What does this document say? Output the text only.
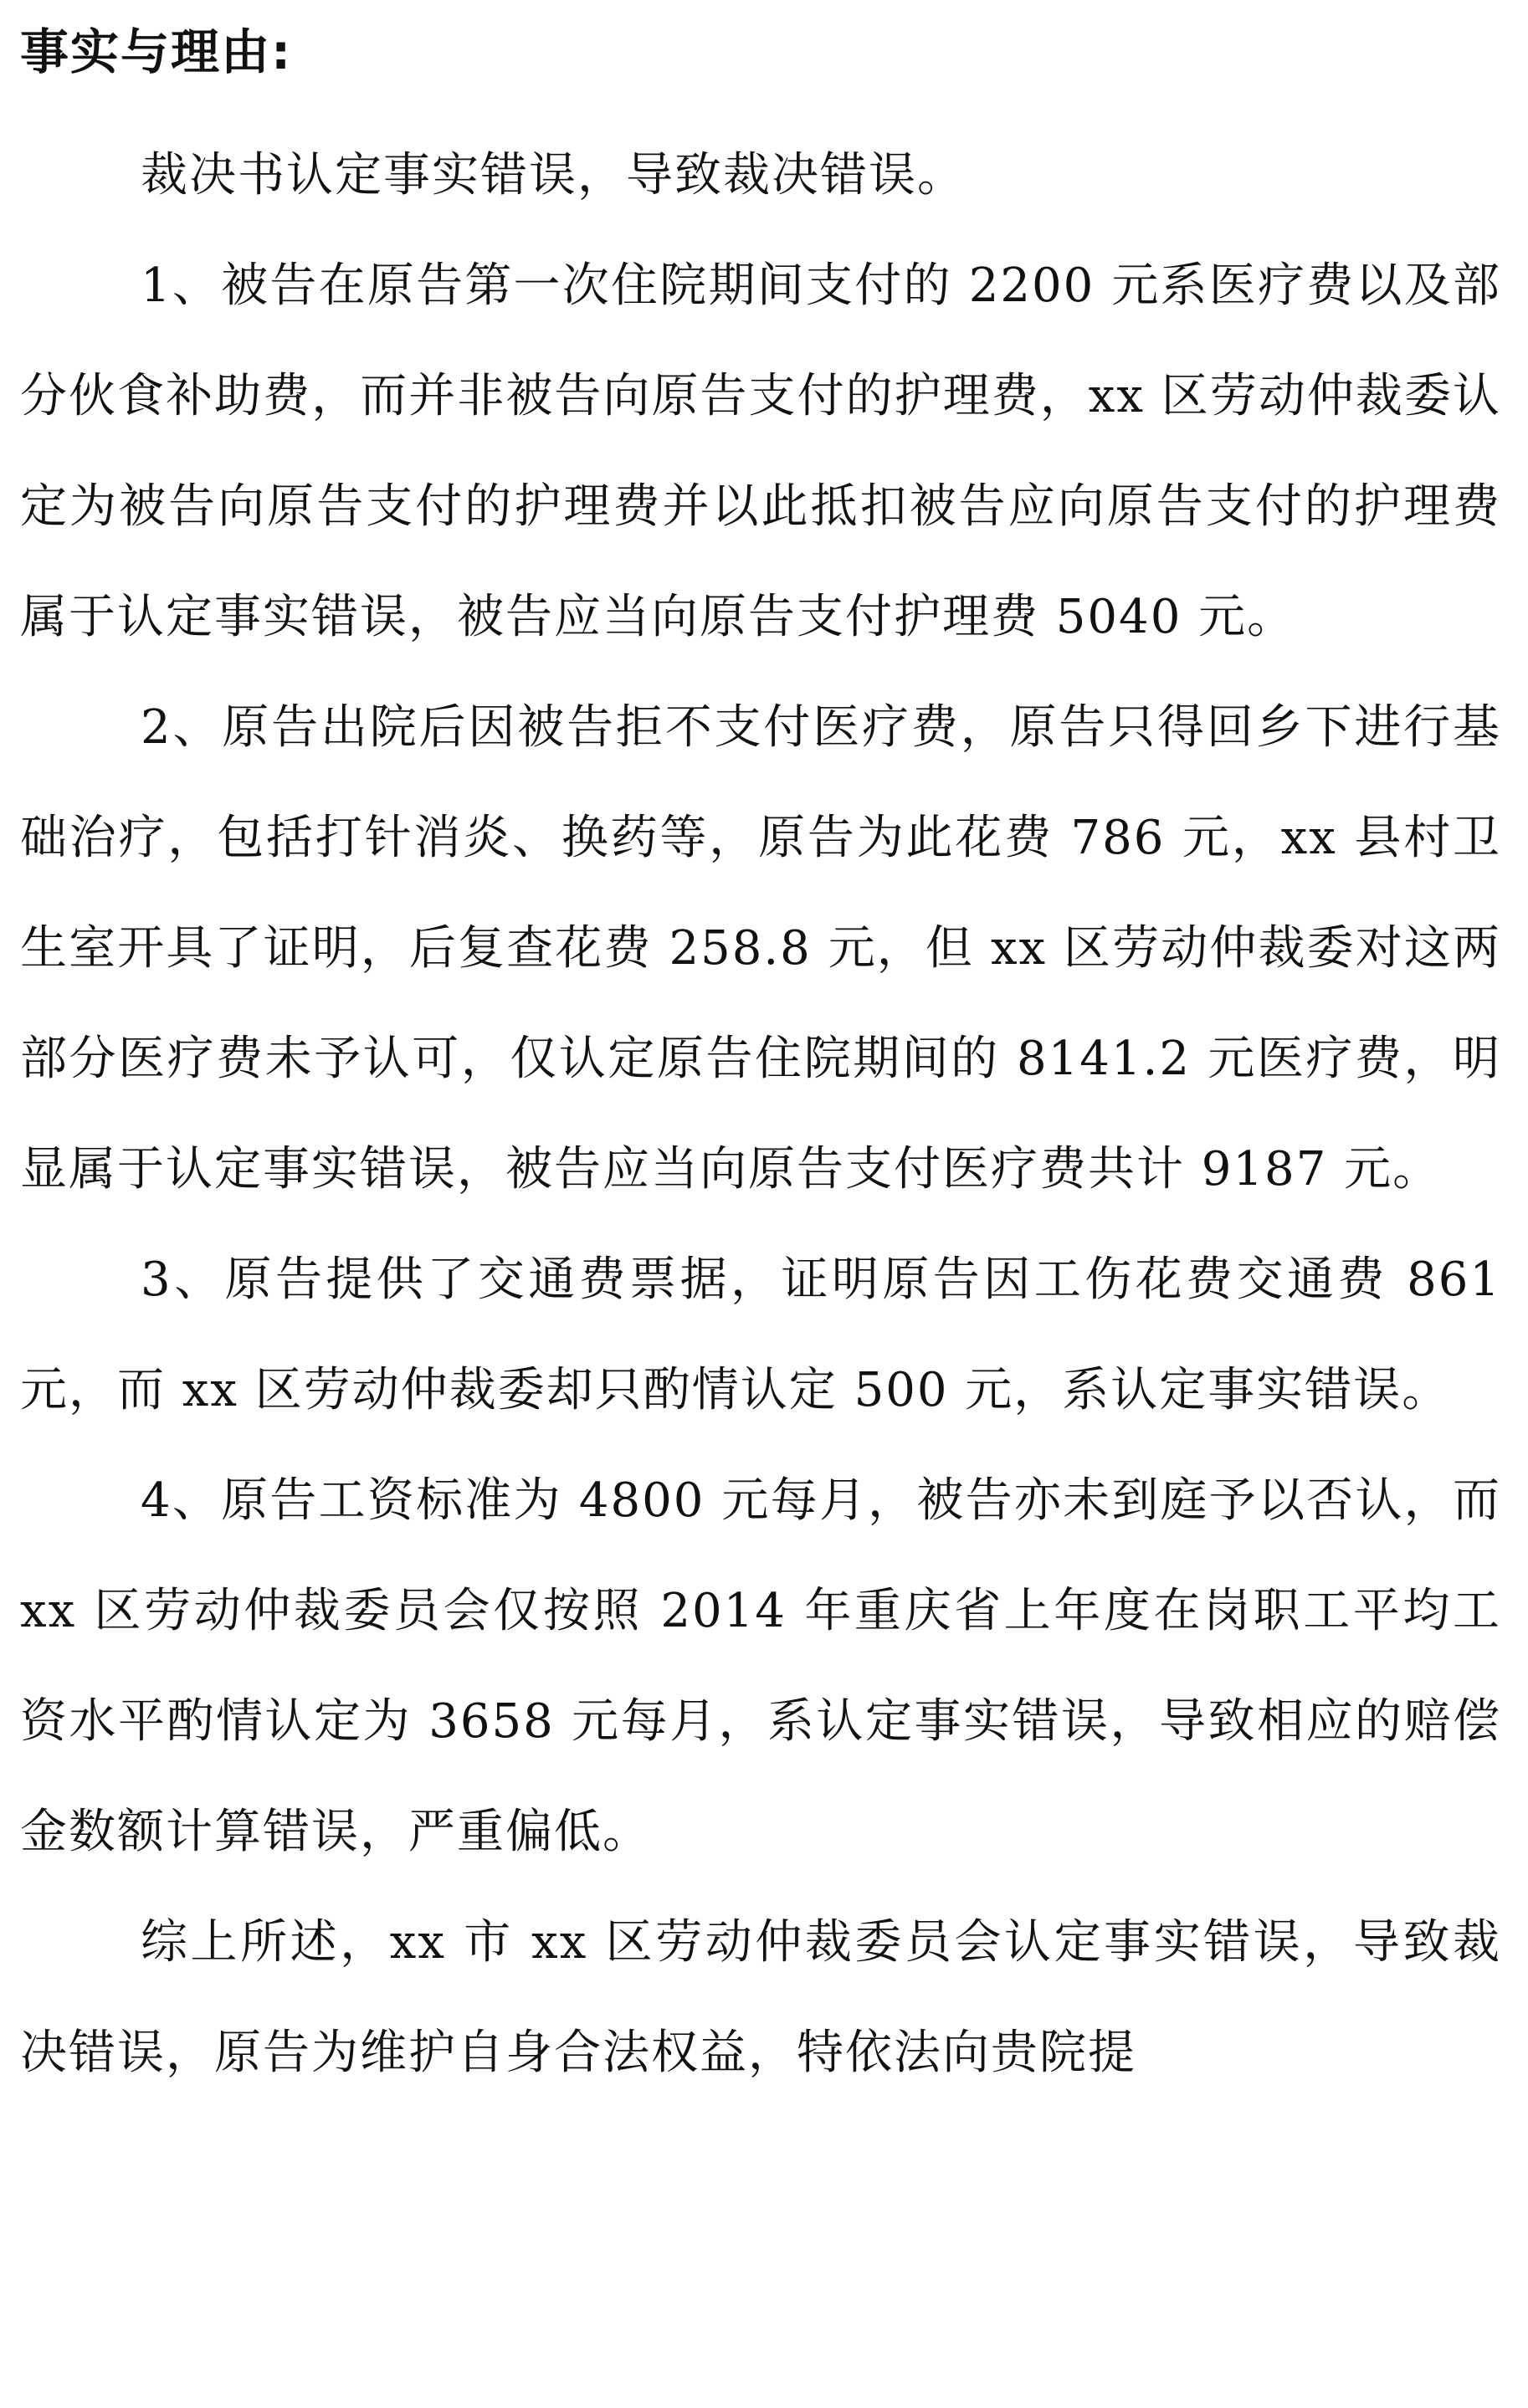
事实与理由:

裁决书认定事实错误，导致裁决错误。

1、被告在原告第一次住院期间支付的 2200 元系医疗费以及部分伙食补助费，而并非被告向原告支付的护理费，xx 区劳动仲裁委认定为被告向原告支付的护理费并以此抵扣被告应向原告支付的护理费属于认定事实错误，被告应当向原告支付护理费 5040 元。

2、原告出院后因被告拒不支付医疗费，原告只得回乡下进行基础治疗，包括打针消炎、换药等，原告为此花费 786 元，xx 县村卫生室开具了证明，后复查花费 258.8 元，但 xx 区劳动仲裁委对这两部分医疗费未予认可，仅认定原告住院期间的 8141.2 元医疗费，明显属于认定事实错误，被告应当向原告支付医疗费共计 9187 元。

3、原告提供了交通费票据，证明原告因工伤花费交通费 861 元，而 xx 区劳动仲裁委却只酌情认定 500 元，系认定事实错误。

4、原告工资标准为 4800 元每月，被告亦未到庭予以否认，而 xx 区劳动仲裁委员会仅按照 2014 年重庆省上年度在岗职工平均工资水平酌情认定为 3658 元每月，系认定事实错误，导致相应的赔偿金数额计算错误，严重偏低。

综上所述，xx 市 xx 区劳动仲裁委员会认定事实错误，导致裁决错误，原告为维护自身合法权益，特依法向贵院提
